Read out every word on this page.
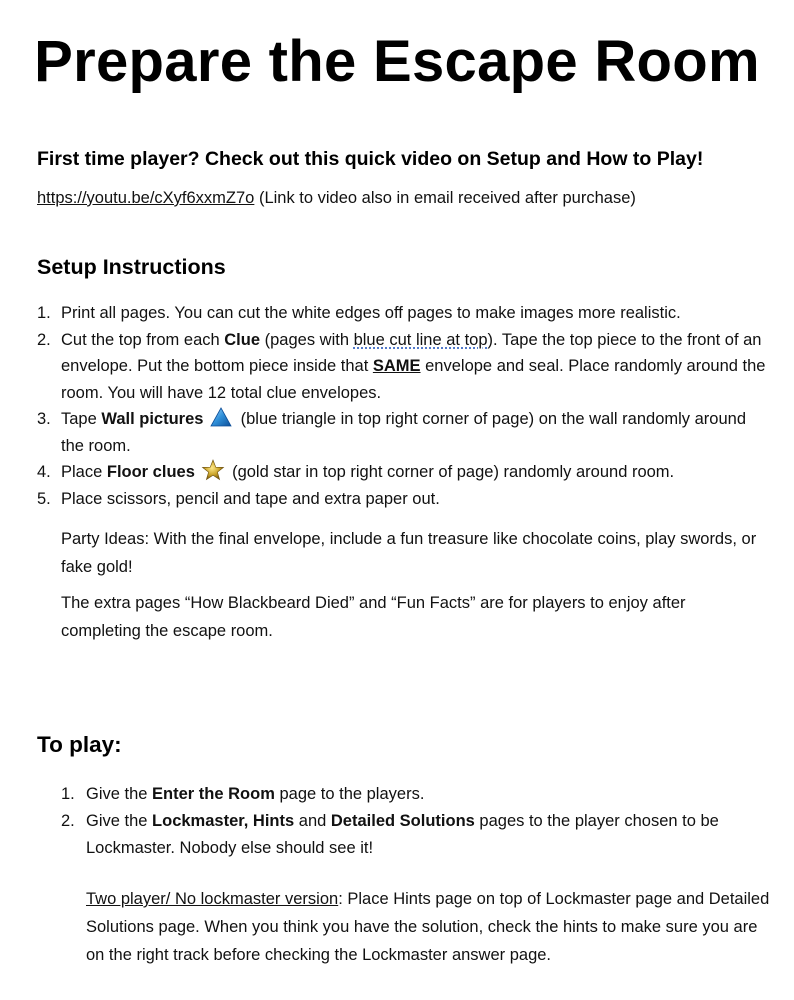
Prepare the Escape Room
First time player? Check out this quick video on Setup and How to Play!
https://youtu.be/cXyf6xxmZ7o (Link to video also in email received after purchase)
Setup Instructions
1. Print all pages. You can cut the white edges off pages to make images more realistic.
2. Cut the top from each Clue (pages with blue cut line at top). Tape the top piece to the front of an envelope. Put the bottom piece inside that SAME envelope and seal. Place randomly around the room. You will have 12 total clue envelopes.
3. Tape Wall pictures  (blue triangle in top right corner of page) on the wall randomly around the room.
4. Place Floor clues  (gold star in top right corner of page) randomly around room.
5. Place scissors, pencil and tape and extra paper out.
Party Ideas: With the final envelope, include a fun treasure like chocolate coins, play swords, or fake gold!
The extra pages “How Blackbeard Died” and “Fun Facts” are for players to enjoy after completing the escape room.
To play:
1. Give the Enter the Room page to the players.
2. Give the Lockmaster, Hints and Detailed Solutions pages to the player chosen to be Lockmaster. Nobody else should see it!
Two player/ No lockmaster version: Place Hints page on top of Lockmaster page and Detailed Solutions page. When you think you have the solution, check the hints to make sure you are on the right track before checking the Lockmaster answer page.
